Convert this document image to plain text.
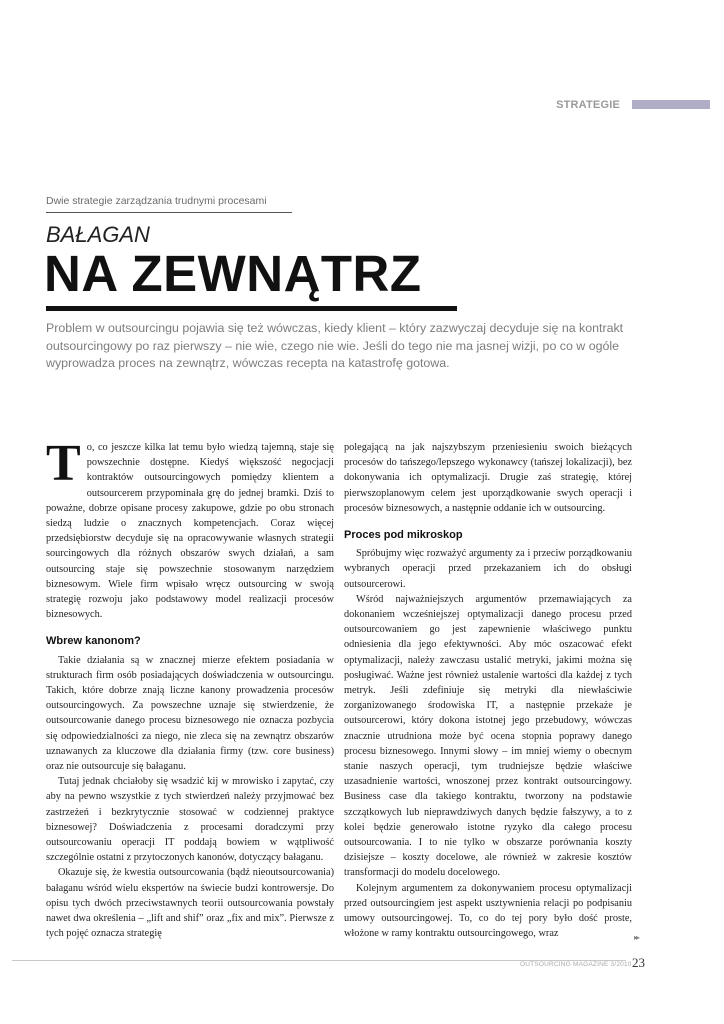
STRATEGIE
Dwie strategie zarządzania trudnymi procesami
BAŁAGAN
NA ZEWNĄTRZ
Problem w outsourcingu pojawia się też wówczas, kiedy klient – który zazwyczaj decyduje się na kontrakt outsourcingowy po raz pierwszy – nie wie, czego nie wie. Jeśli do tego nie ma jasnej wizji, po co w ogóle wyprowadza proces na zewnątrz, wówczas recepta na katastrofę gotowa.

To, co jeszcze kilka lat temu było wiedzą tajemną, staje się powszechnie dostępne. Kiedyś większość negocjacji kontraktów outsourcingowych pomiędzy klientem a outsourcerem przypominała grę do jednej bramki. Dziś to poważne, dobrze opisane procesy zakupowe, gdzie po obu stronach siedzą ludzie o znacznych kompetencjach. Coraz więcej przedsiębiorstw decyduje się na opracowywanie własnych strategii sourcingowych dla różnych obszarów swych działań, a sam outsourcing staje się powszechnie stosowanym narzędziem biznesowym. Wiele firm wpisało wręcz outsourcing w swoją strategię rozwoju jako podstawowy model realizacji procesów biznesowych.

Wbrew kanonom?

Takie działania są w znacznej mierze efektem posiadania w strukturach firm osób posiadających doświadczenia w outsourcingu. Takich, które dobrze znają liczne kanony prowadzenia procesów outsourcingowych. Za powszechne uznaje się stwierdzenie, że outsourcowanie danego procesu biznesowego nie oznacza pozbycia się odpowiedzialności za niego, nie zleca się na zewnątrz obszarów uznawanych za kluczowe dla działania firmy (tzw. core business) oraz nie outsourcuje się bałaganu.

Tutaj jednak chciałoby się wsadzić kij w mrowisko i zapytać, czy aby na pewno wszystkie z tych stwierdzeń należy przyjmować bez zastrzeżeń i bezkrytycznie stosować w codziennej praktyce biznesowej? Doświadczenia z procesami doradczymi przy outsourcowaniu operacji IT poddają bowiem w wątpliwość szczególnie ostatni z przytoczonych kanonów, dotyczący bałaganu.

Okazuje się, że kwestia outsourcowania (bądź nieoutsourcowania) bałaganu wśród wielu ekspertów na świecie budzi kontrowersje. Do opisu tych dwóch przeciwstawnych teorii outsourcowania powstały nawet dwa określenia – „lift and shif” oraz „fix and mix”. Pierwsze z tych pojęć oznacza strategię

polegającą na jak najszybszym przeniesieniu swoich bieżących procesów do tańszego/lepszego wykonawcy (tańszej lokalizacji), bez dokonywania ich optymalizacji. Drugie zaś strategię, której pierwszoplanowym celem jest uporządkowanie swych operacji i procesów biznesowych, a następnie oddanie ich w outsourcing.

Proces pod mikroskop

Spróbujmy więc rozważyć argumenty za i przeciw porządkowaniu wybranych operacji przed przekazaniem ich do obsługi outsourcerowi.

Wśród najważniejszych argumentów przemawiających za dokonaniem wcześniejszej optymalizacji danego procesu przed outsourcowaniem go jest zapewnienie właściwego punktu odniesienia dla jego efektywności. Aby móc oszacować efekt optymalizacji, należy zawczasu ustalić metryki, jakimi można się posługiwać. Ważne jest również ustalenie wartości dla każdej z tych metryk. Jeśli zdefiniuje się metryki dla niewłaściwie zorganizowanego środowiska IT, a następnie przekaże je outsourcerowi, który dokona istotnej jego przebudowy, wówczas znacznie utrudniona może być ocena stopnia poprawy danego procesu biznesowego. Innymi słowy – im mniej wiemy o obecnym stanie naszych operacji, tym trudniejsze będzie właściwe uzasadnienie wartości, wnoszonej przez kontrakt outsourcingowy. Business case dla takiego kontraktu, tworzony na podstawie szczątkowych lub nieprawdziwych danych będzie fałszywy, a to z kolei będzie generowało istotne ryzyko dla całego procesu outsourcowania. I to nie tylko w obszarze porównania koszty dzisiejsze – koszty docelowe, ale również w zakresie kosztów transformacji do modelu docelowego.

Kolejnym argumentem za dokonywaniem procesu optymalizacji przed outsourcingiem jest aspekt usztywnienia relacji po podpisaniu umowy outsourcingowej. To, co do tej pory było dość proste, włożone w ramy kontraktu outsourcingowego, wraz	▸▸
OUTSOURCING MAGAZINE 3/2010 23
